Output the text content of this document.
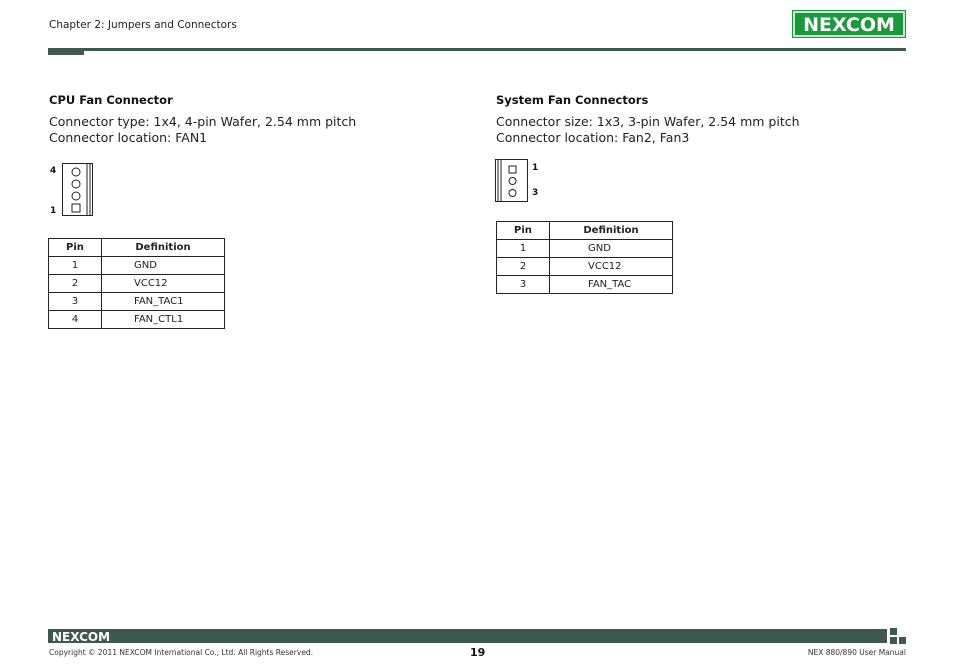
Chapter 2: Jumpers and Connectors	NEXCOM
CPU Fan Connector
Connector type: 1x4, 4-pin Wafer, 2.54 mm pitch
Connector location: FAN1
4
1
Pin	Definition
1	GND
2	VCC12
3	FAN_TAC1
4	FAN_CTL1
System Fan Connectors
Connector size: 1x3, 3-pin Wafer, 2.54 mm pitch
Connector location: Fan2, Fan3
1
3
Pin	Definition
1	GND
2	VCC12
3	FAN_TAC
NEXCOM
Copyright © 2011 NEXCOM International Co., Ltd. All Rights Reserved.	19	NEX 880/890 User Manual
